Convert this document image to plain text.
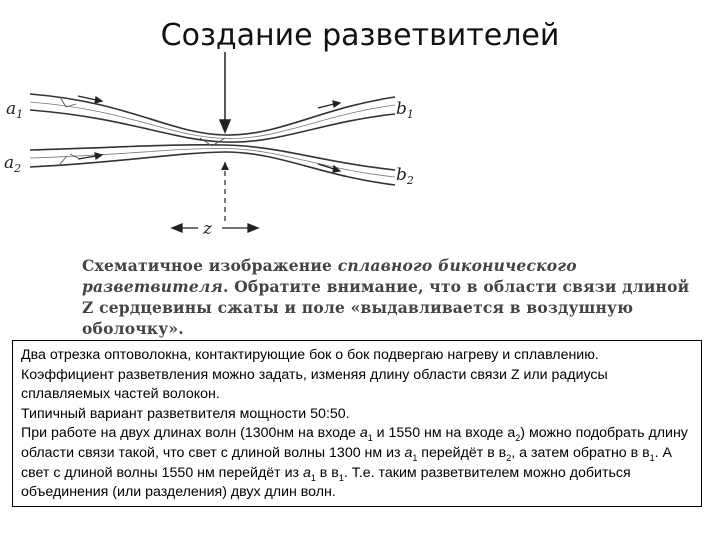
Создание разветвителей
$a_1$
$a_2$
$b_1$
$b_2$
z
Схематичное изображение сплавного биконического разветвителя. Обратите внимание, что в области связи длиной Z сердцевины сжаты и поле «выдавливается в воздушную оболочку».

Два отрезка оптоволокна, контактирующие бок о бок подвергаю нагреву и сплавлению.

Коэффициент разветвления можно задать, изменяя длину области связи Z или радиусы сплавляемых частей волокон.

Типичный вариант разветвителя мощности 50:50.

При работе на двух длинах волн (1300нм на входе $a_1$ и 1550 нм на входе $a_2$) можно подобрать длину области связи такой, что свет с длиной волны 1300 нм из $a_1$ перейдёт в $в_2$, а затем обратно в $в_1$. А свет с длиной волны 1550 нм перейдёт из $a_1$ в $в_1$. Т.е. таким разветвителем можно добиться объединения (или разделения) двух длин волн.
